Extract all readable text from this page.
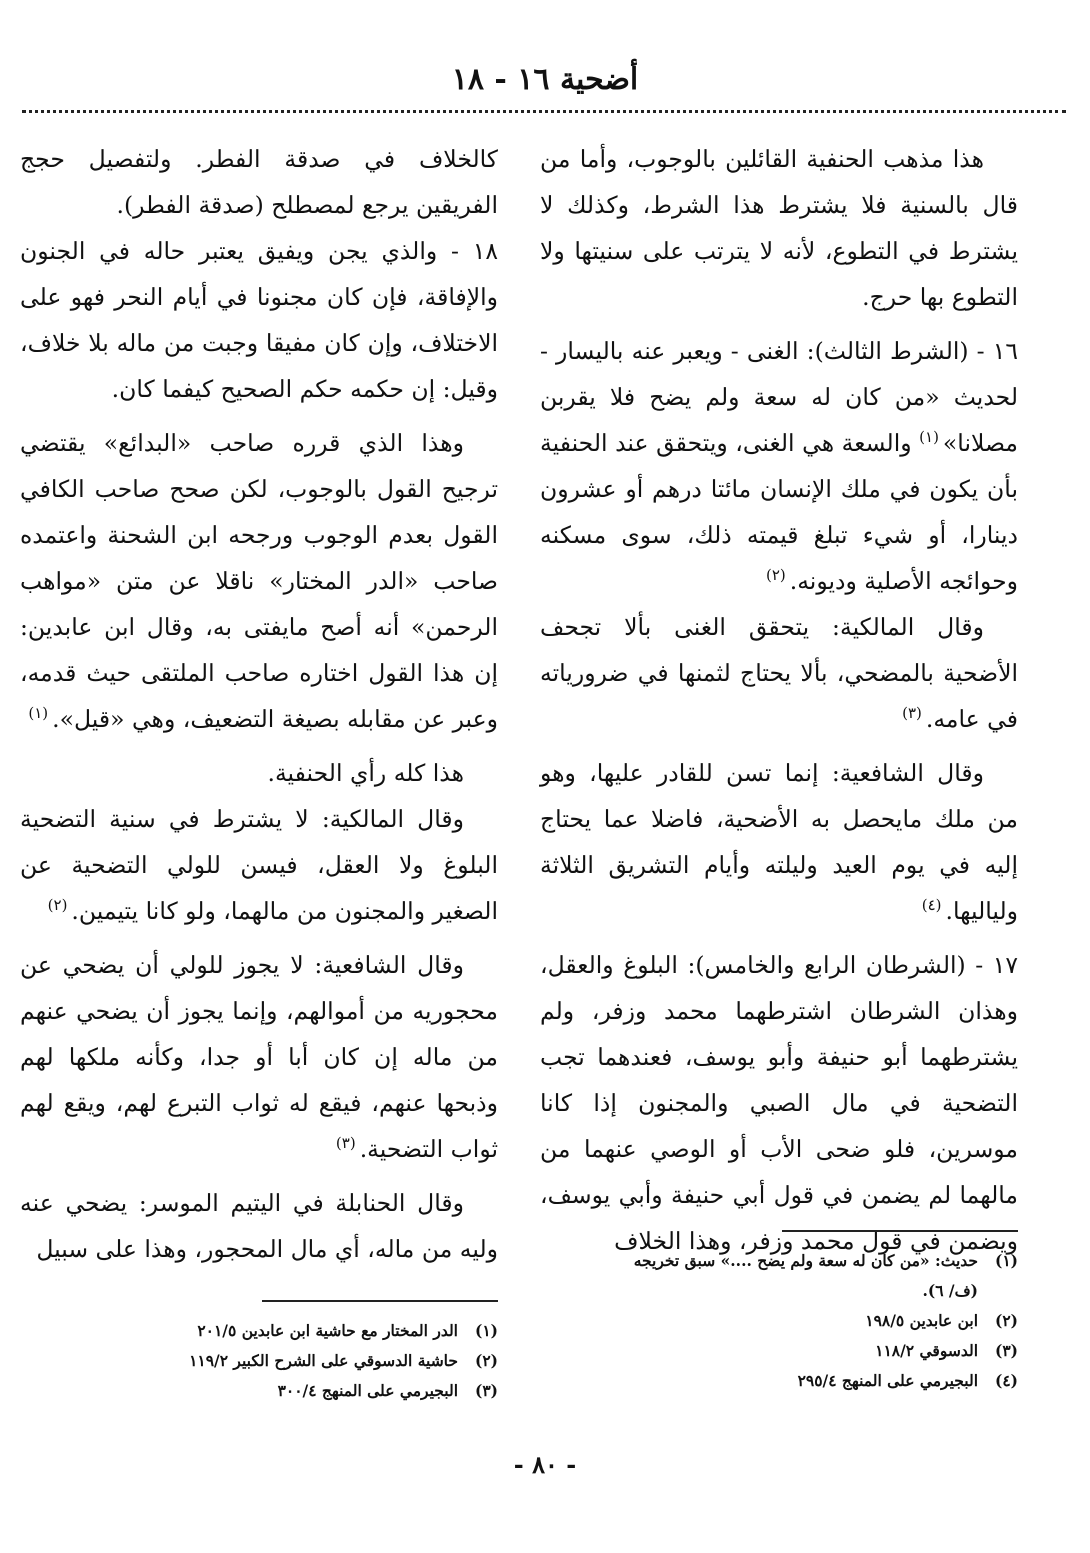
أضحية ١٦ - ١٨

هذا مذهب الحنفية القائلين بالوجوب، وأما من قال بالسنية فلا يشترط هذا الشرط، وكذلك لا يشترط في التطوع، لأنه لا يترتب على سنيتها ولا التطوع بها حرج.

١٦ - (الشرط الثالث): الغنى - ويعبر عنه باليسار - لحديث «من كان له سعة ولم يضح فلا يقربن مصلانا»$^{(١)}$ والسعة هي الغنى، ويتحقق عند الحنفية بأن يكون في ملك الإنسان مائتا درهم أو عشرون دينارا، أو شيء تبلغ قيمته ذلك، سوى مسكنه وحوائجه الأصلية وديونه.$^{(٢)}$

وقال المالكية: يتحقق الغنى بألا تجحف الأضحية بالمضحي، بألا يحتاج لثمنها في ضرورياته في عامه.$^{(٣)}$

وقال الشافعية: إنما تسن للقادر عليها، وهو من ملك مايحصل به الأضحية، فاضلا عما يحتاج إليه في يوم العيد وليلته وأيام التشريق الثلاثة ولياليها.$^{(٤)}$

١٧ - (الشرطان الرابع والخامس): البلوغ والعقل، وهذان الشرطان اشترطهما محمد وزفر، ولم يشترطهما أبو حنيفة وأبو يوسف، فعندهما تجب التضحية في مال الصبي والمجنون إذا كانا موسرين، فلو ضحى الأب أو الوصي عنهما من مالهما لم يضمن في قول أبي حنيفة وأبي يوسف، ويضمن في قول محمد وزفر، وهذا الخلاف

كالخلاف في صدقة الفطر. ولتفصيل حجج الفريقين يرجع لمصطلح (صدقة الفطر).

١٨ - والذي يجن ويفيق يعتبر حاله في الجنون والإفاقة، فإن كان مجنونا في أيام النحر فهو على الاختلاف، وإن كان مفيقا وجبت من ماله بلا خلاف، وقيل: إن حكمه حكم الصحيح كيفما كان.

وهذا الذي قرره صاحب «البدائع» يقتضي ترجيح القول بالوجوب، لكن صحح صاحب الكافي القول بعدم الوجوب ورجحه ابن الشحنة واعتمده صاحب «الدر المختار» ناقلا عن متن «مواهب الرحمن» أنه أصح مايفتى به، وقال ابن عابدين: إن هذا القول اختاره صاحب الملتقى حيث قدمه، وعبر عن مقابله بصيغة التضعيف، وهي «قيل».$^{(١)}$

هذا كله رأي الحنفية.

وقال المالكية: لا يشترط في سنية التضحية البلوغ ولا العقل، فيسن للولي التضحية عن الصغير والمجنون من مالهما، ولو كانا يتيمين.$^{(٢)}$

وقال الشافعية: لا يجوز للولي أن يضحي عن محجوريه من أموالهم، وإنما يجوز أن يضحي عنهم من ماله إن كان أبا أو جدا، وكأنه ملكها لهم وذبحها عنهم، فيقع له ثواب التبرع لهم، ويقع لهم ثواب التضحية.$^{(٣)}$

وقال الحنابلة في اليتيم الموسر: يضحي عنه وليه من ماله، أي مال المحجور، وهذا على سبيل	(١)حديث: «من كان له سعة ولم يضح ....» سبق تخريجه

(ف/ ٦).

(٢)ابن عابدين ١٩٨/٥

(٣)الدسوقي ١١٨/٢

(٤)البجيرمي على المنهج ٢٩٥/٤

(١)الدر المختار مع حاشية ابن عابدين ٢٠١/٥

(٢)حاشية الدسوقي على الشرح الكبير ١١٩/٢

(٣)البجيرمي على المنهج ٣٠٠/٤

- ٨٠ -
